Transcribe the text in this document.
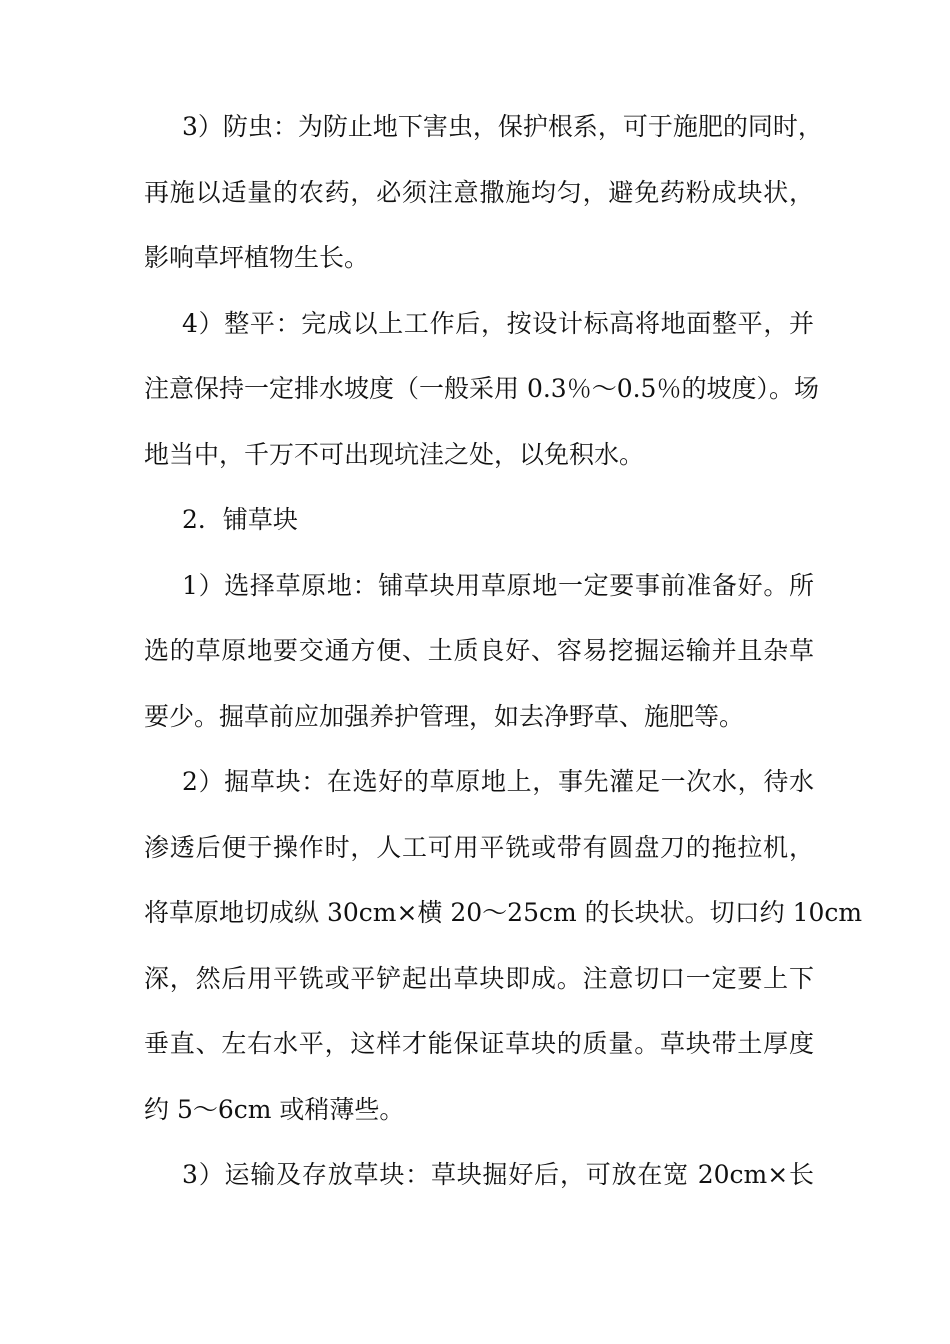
3）防虫：为防止地下害虫，保护根系，可于施肥的同时，
再施以适量的农药，必须注意撒施均匀，避免药粉成块状，
影响草坪植物生长。
4）整平：完成以上工作后，按设计标高将地面整平，并
注意保持一定排水坡度（一般采用 0.3％～0.5％的坡度）。场
地当中，千万不可出现坑洼之处，以免积水。
2．铺草块
1）选择草原地：铺草块用草原地一定要事前准备好。所
选的草原地要交通方便、土质良好、容易挖掘运输并且杂草
要少。掘草前应加强养护管理，如去净野草、施肥等。
2）掘草块：在选好的草原地上，事先灌足一次水，待水
渗透后便于操作时，人工可用平铣或带有圆盘刀的拖拉机，
将草原地切成纵 30cm×横 20～25cm 的长块状。切口约 10cm
深，然后用平铣或平铲起出草块即成。注意切口一定要上下
垂直、左右水平，这样才能保证草块的质量。草块带土厚度
约 5～6cm 或稍薄些。
3）运输及存放草块：草块掘好后，可放在宽 20cm×长
